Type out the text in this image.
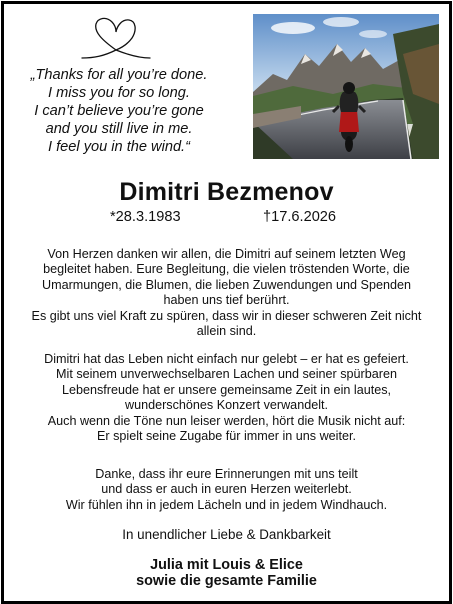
„Thanks for all you’re done.
I miss you for so long.
I can’t believe you’re gone
and you still live in me.
I feel you in the wind.“
Dimitri Bezmenov
*28.3.1983	†17.6.2026
Von Herzen danken wir allen, die Dimitri auf seinem letzten Weg
begleitet haben. Eure Begleitung, die vielen tröstenden Worte, die
Umarmungen, die Blumen, die lieben Zuwendungen und Spenden
haben uns tief berührt.
Es gibt uns viel Kraft zu spüren, dass wir in dieser schweren Zeit nicht
allein sind.
Dimitri hat das Leben nicht einfach nur gelebt – er hat es gefeiert.
Mit seinem unverwechselbaren Lachen und seiner spürbaren
Lebensfreude hat er unsere gemeinsame Zeit in ein lautes,
wunderschönes Konzert verwandelt.
Auch wenn die Töne nun leiser werden, hört die Musik nicht auf:
Er spielt seine Zugabe für immer in uns weiter.
Danke, dass ihr eure Erinnerungen mit uns teilt
und dass er auch in euren Herzen weiterlebt.
Wir fühlen ihn in jedem Lächeln und in jedem Windhauch.
In unendlicher Liebe & Dankbarkeit
Julia mit Louis & Elice
sowie die gesamte Familie
